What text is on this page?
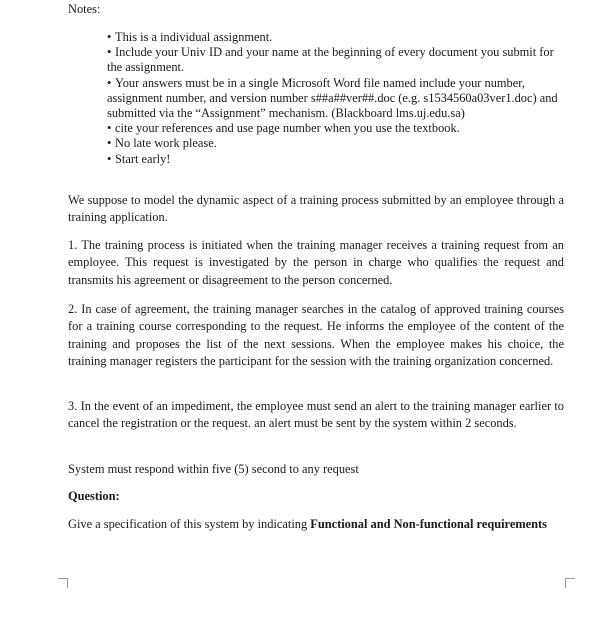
Notes:
• This is a individual assignment.
• Include your Univ ID and your name at the beginning of every document you submit for the assignment.
• Your answers must be in a single Microsoft Word file named include your number, assignment number, and version number s##a##ver##.doc (e.g. s1534560a03ver1.doc) and submitted via the “Assignment” mechanism. (Blackboard lms.uj.edu.sa)
• cite your references and use page number when you use the textbook.
• No late work please.
• Start early!

We suppose to model the dynamic aspect of a training process submitted by an employee through a training application.

1. The training process is initiated when the training manager receives a training request from an employee. This request is investigated by the person in charge who qualifies the request and transmits his agreement or disagreement to the person concerned.

2. In case of agreement, the training manager searches in the catalog of approved training courses for a training course corresponding to the request. He informs the employee of the content of the training and proposes the list of the next sessions. When the employee makes his choice, the training manager registers the participant for the session with the training organization concerned.

3. In the event of an impediment, the employee must send an alert to the training manager earlier to cancel the registration or the request. an alert must be sent by the system within 2 seconds.

System must respond within five (5) second to any request

Question:

Give a specification of this system by indicating Functional and Non-functional requirements
